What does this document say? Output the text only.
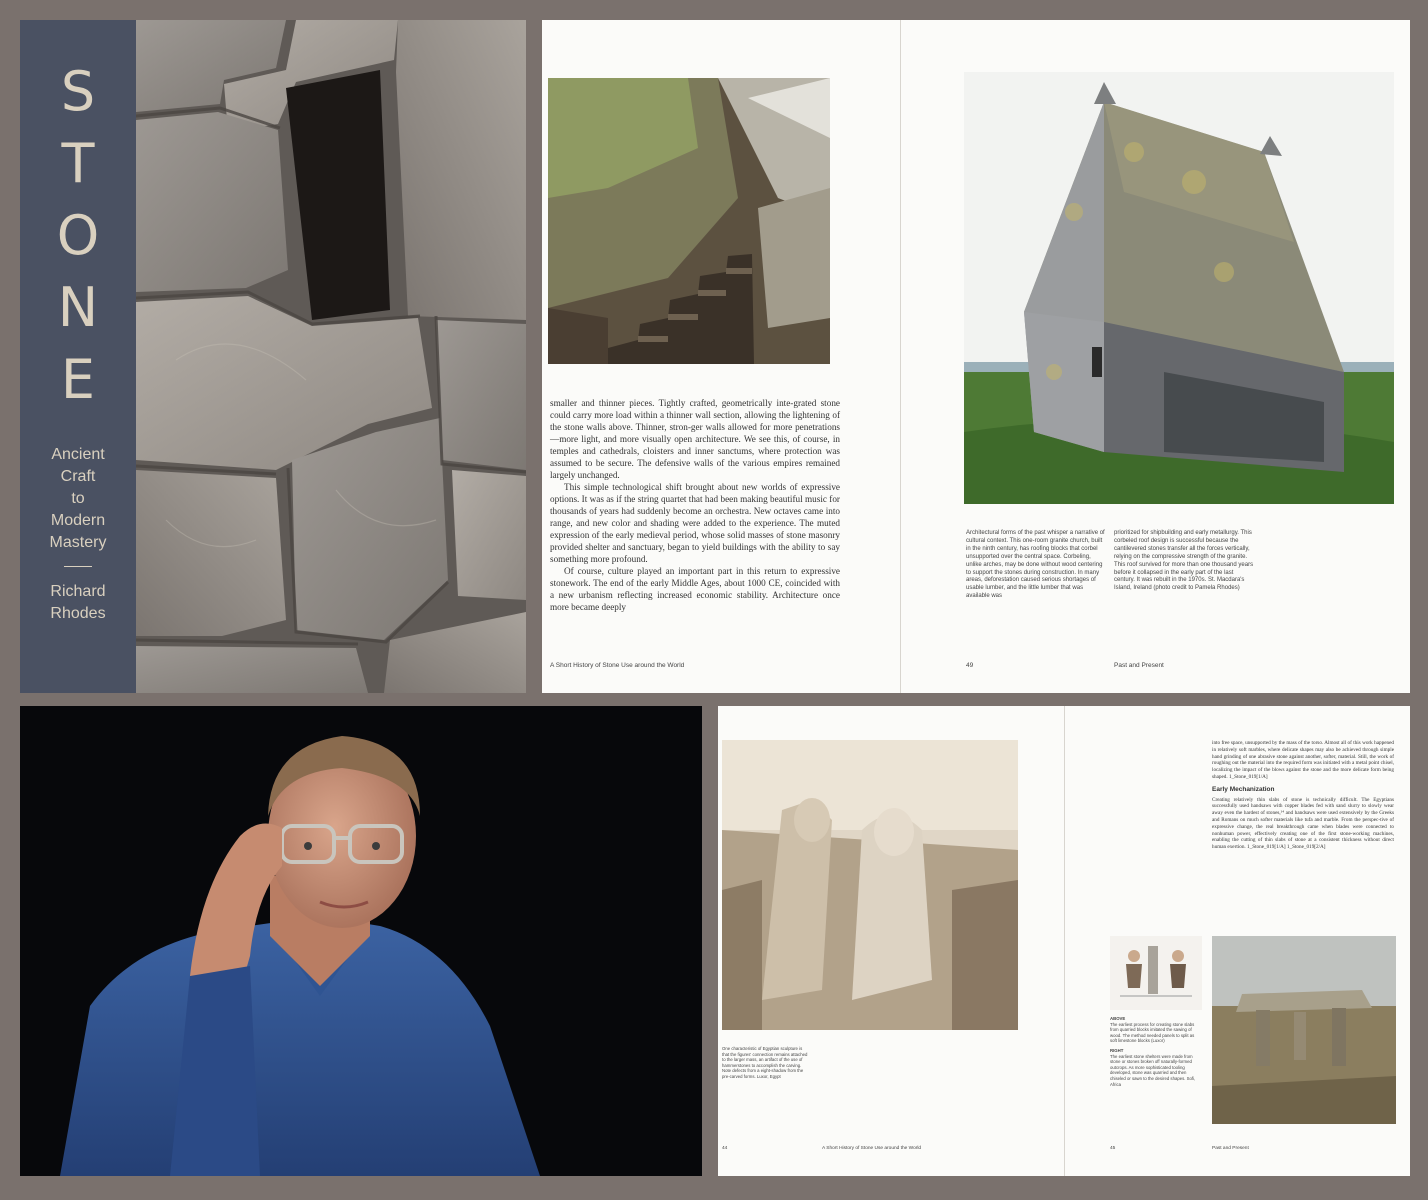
S
T
O
N
E
Ancient
Craft
to
Modern
Mastery
Richard
Rhodes

smaller and thinner pieces. Tightly crafted, geometrically inte-grated stone could carry more load within a thinner wall section, allowing the lightening of the stone walls above. Thinner, stron-ger walls allowed for more penetrations—more light, and more visually open architecture. We see this, of course, in temples and cathedrals, cloisters and inner sanctums, where protection was assumed to be secure. The defensive walls of the various empires remained largely unchanged.

This simple technological shift brought about new worlds of expressive options. It was as if the string quartet that had been making beautiful music for thousands of years had suddenly become an orchestra. New octaves came into range, and new color and shading were added to the experience. The muted expression of the early medieval period, whose solid masses of stone masonry provided shelter and sanctuary, began to yield buildings with the ability to say something more profound.

Of course, culture played an important part in this return to expressive stonework. The end of the early Middle Ages, about 1000 CE, coincided with a new urbanism reflecting increased economic stability. Architecture once more became deeply

Architectural forms of the past whisper a narrative of cultural context. This one-room granite church, built in the ninth century, has roofing blocks that corbel unsupported over the central space. Corbeling, unlike arches, may be done without wood centering to support the stones during construction. In many areas, deforestation caused serious shortages of usable lumber, and the little lumber that was available was
prioritized for shipbuilding and early metallurgy. This corbeled roof design is successful because the cantilevered stones transfer all the forces vertically, relying on the compressive strength of the granite. This roof survived for more than one thousand years before it collapsed in the early part of the last century. It was rebuilt in the 1970s. St. Macdara's Island, Ireland (photo credit to Pamela Rhodes)
A Short History of Stone Use around the World	49	Past and Present
One characteristic of Egyptian sculpture is that the figures' connection remains attached to the larger mass, an artifact of the use of hammerstones to accomplish the carving. Note defects from a eight-shadow from the pre-carved forms. Luxor, Egypt

into free space, unsupported by the mass of the torso. Almost all of this work happened in relatively soft marbles, where delicate shapes may also be achieved through simple hand grinding of one abrasive stone against another, softer, material. Still, the work of roughing out the material into the required form was initiated with a metal point chisel, localizing the impact of the blows against the stone and the more delicate form being shaped. 1_Stone_019[1/A]

Early Mechanization

Creating relatively thin slabs of stone is technically difficult. The Egyptians successfully used handsaws with copper blades fed with sand slurry to slowly wear away even the hardest of stones,¹⁴ and handsaws were used extensively by the Greeks and Romans on much softer materials like tufa and marble. From the perspec-tive of expressive change, the real breakthrough came when blades were connected to nonhuman power, effectively creating one of the first stone-working machines, enabling the cutting of thin slabs of stone at a consistent thickness without direct human exertion. 1_Stone_019[1/A] 1_Stone_019[2/A]

ABOVE
The earliest process for creating stone slabs from quarried blocks imitated the sawing of wood. The method needed panels to split as soft limestone blocks (Luxor)
RIGHT
The earliest stone shelters were made from stone or stones broken off naturally-formed outcrops. As more sophisticated tooling developed, stone was quarried and then chiseled or sawn to the desired shapes. Sofi, Africa
44	A Short History of Stone Use around the World	45	Past and Present
